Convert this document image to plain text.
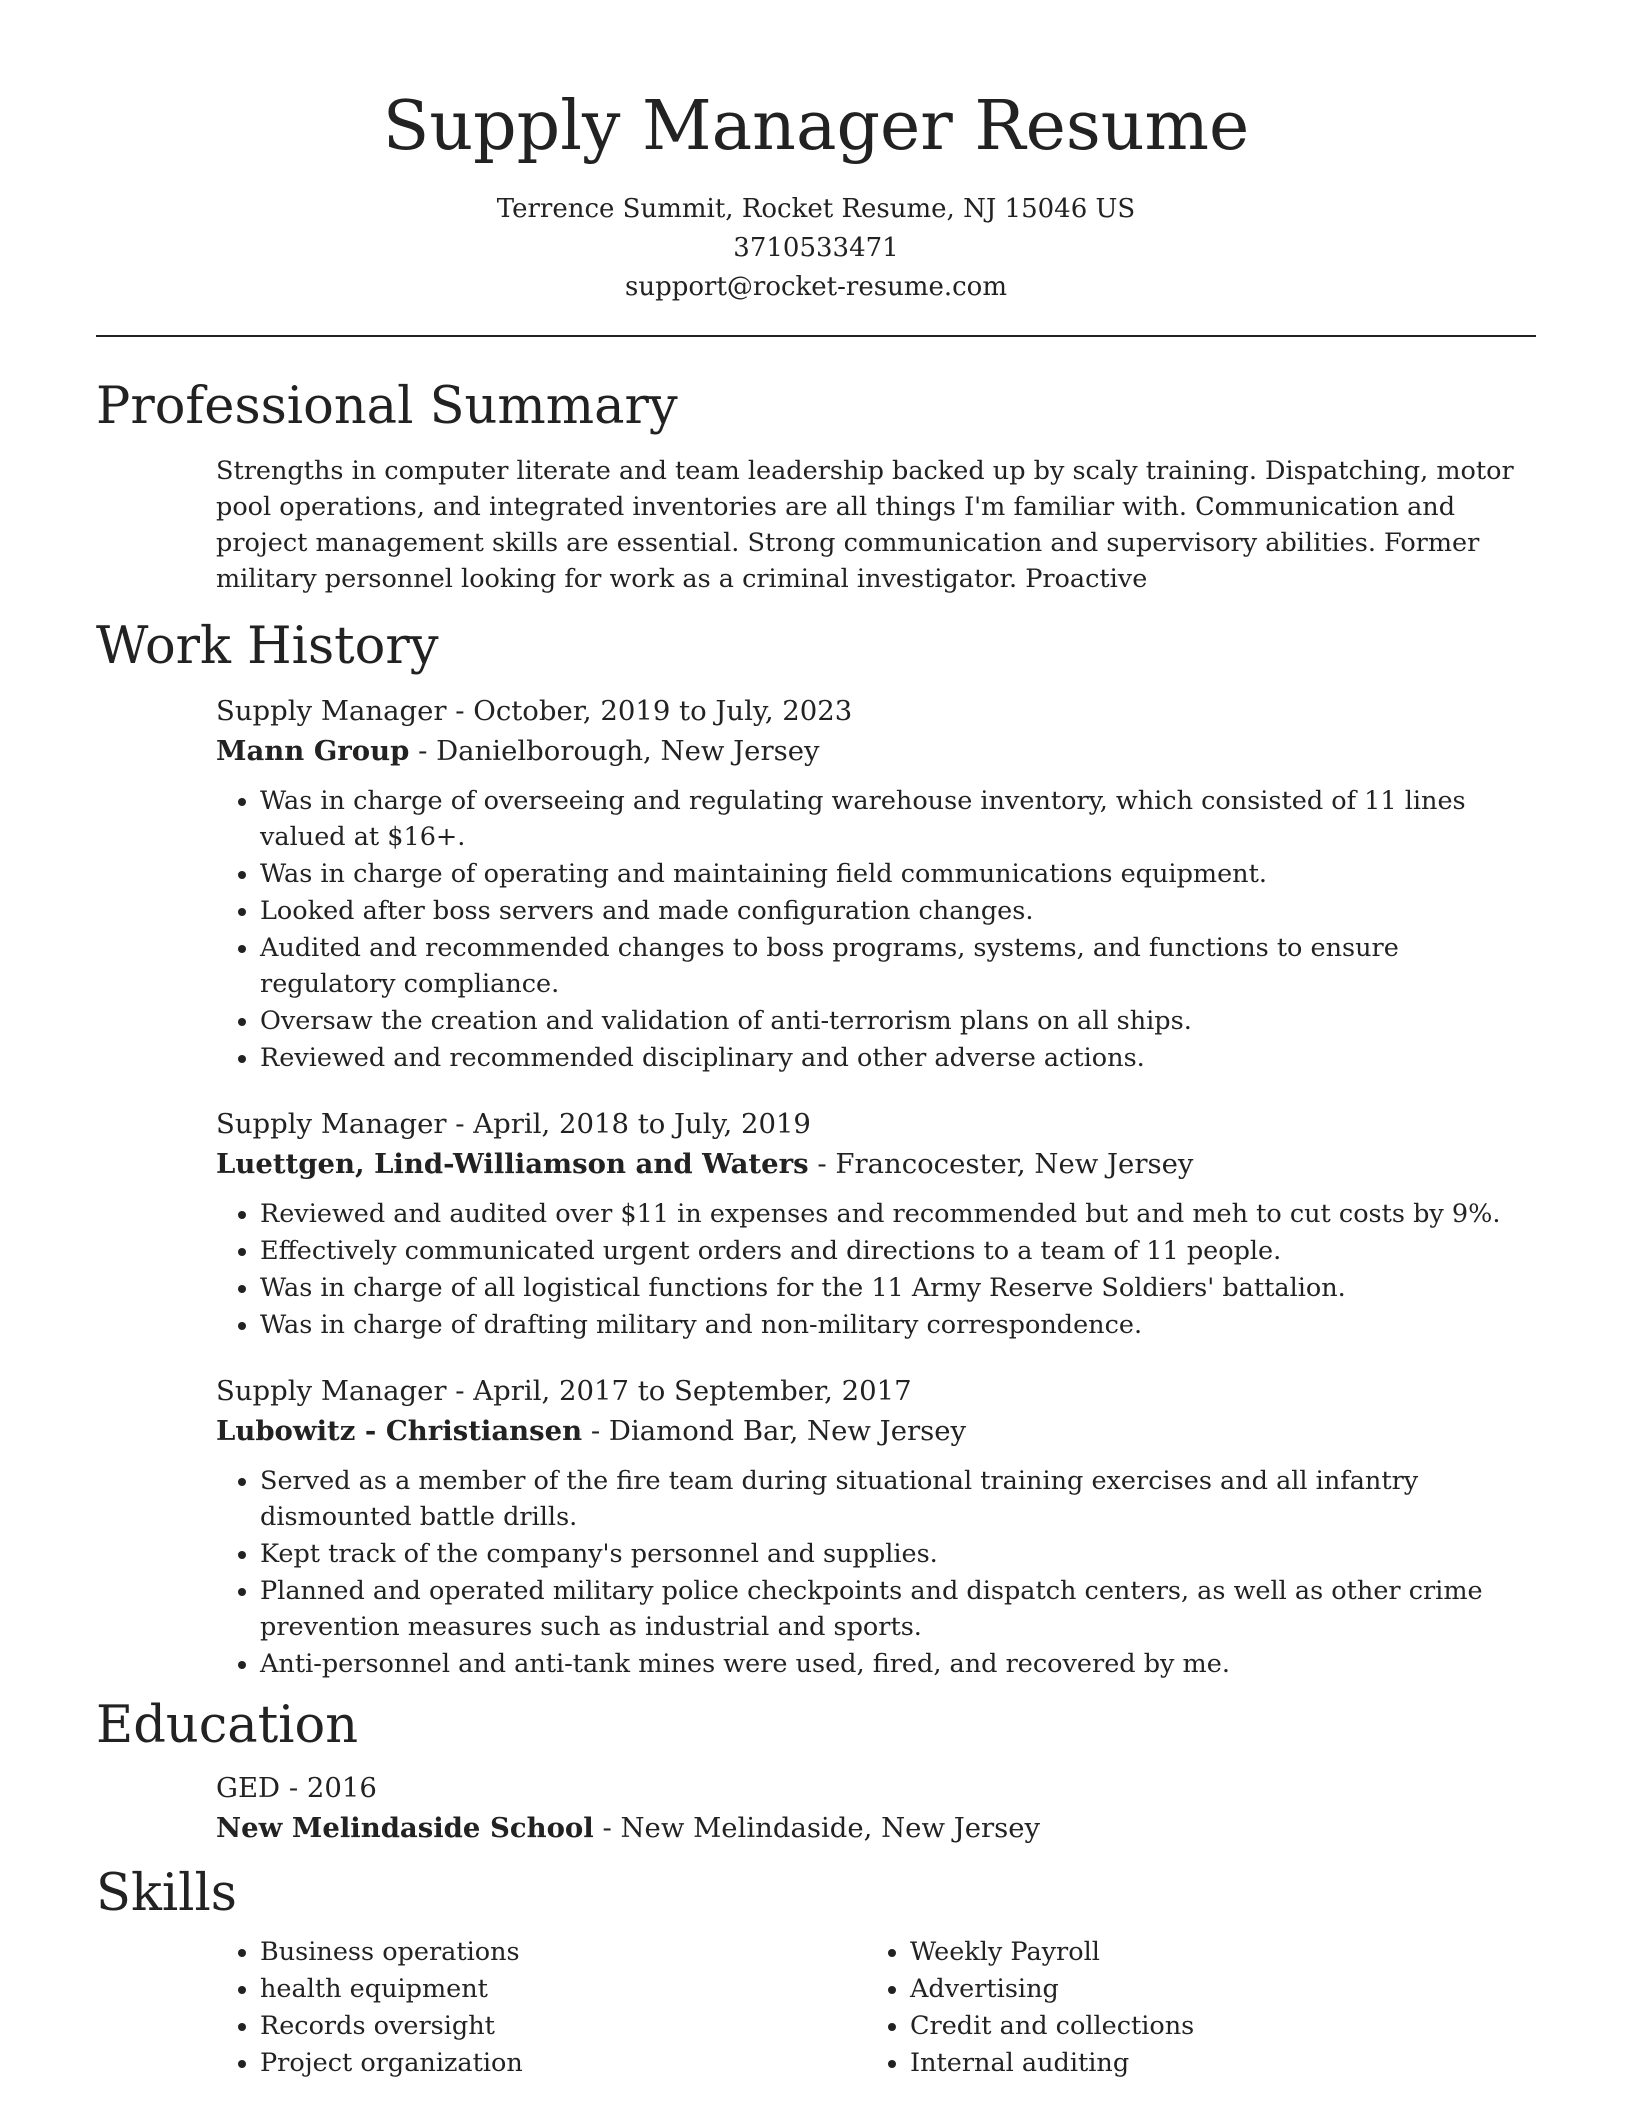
Supply Manager Resume
Terrence Summit, Rocket Resume, NJ 15046 US
3710533471
support@rocket-resume.com
Professional Summary

Strengths in computer literate and team leadership backed up by scaly training. Dispatching, motor pool operations, and integrated inventories are all things I'm familiar with. Communication and project management skills are essential. Strong communication and supervisory abilities. Former military personnel looking for work as a criminal investigator. Proactive

Work History
Supply Manager - October, 2019 to July, 2023
Mann Group - Danielborough, New Jersey
• Was in charge of overseeing and regulating warehouse inventory, which consisted of 11 lines valued at $16+.
• Was in charge of operating and maintaining field communications equipment.
• Looked after boss servers and made configuration changes.
• Audited and recommended changes to boss programs, systems, and functions to ensure regulatory compliance.
• Oversaw the creation and validation of anti-terrorism plans on all ships.
• Reviewed and recommended disciplinary and other adverse actions.
Supply Manager - April, 2018 to July, 2019
Luettgen, Lind-Williamson and Waters - Francocester, New Jersey
• Reviewed and audited over $11 in expenses and recommended but and meh to cut costs by 9%.
• Effectively communicated urgent orders and directions to a team of 11 people.
• Was in charge of all logistical functions for the 11 Army Reserve Soldiers' battalion.
• Was in charge of drafting military and non-military correspondence.
Supply Manager - April, 2017 to September, 2017
Lubowitz - Christiansen - Diamond Bar, New Jersey
• Served as a member of the fire team during situational training exercises and all infantry dismounted battle drills.
• Kept track of the company's personnel and supplies.
• Planned and operated military police checkpoints and dispatch centers, as well as other crime prevention measures such as industrial and sports.
• Anti-personnel and anti-tank mines were used, fired, and recovered by me.
Education
GED - 2016
New Melindaside School - New Melindaside, New Jersey
Skills
• Business operations
• health equipment
• Records oversight
• Project organization
• Weekly Payroll
• Advertising
• Credit and collections
• Internal auditing
